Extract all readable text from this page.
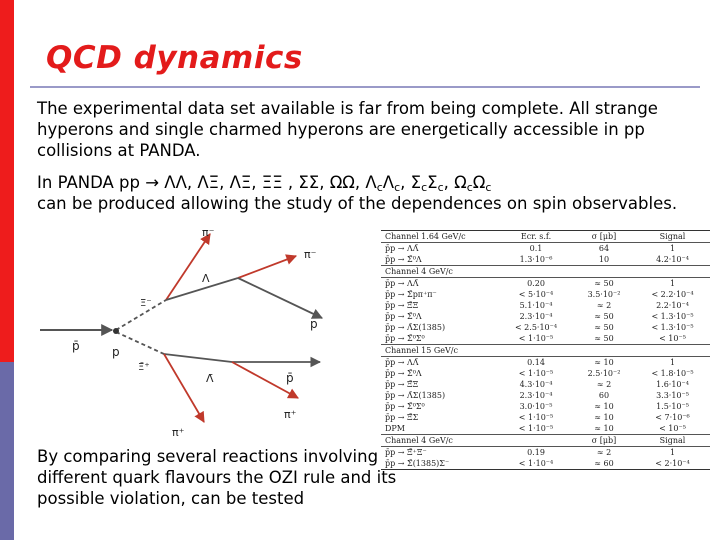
QCD dynamics
The experimental data set available is far from being complete. All strange hyperons and single charmed hyperons are energetically accessible in pp collisions at PANDA.
In PANDA pp → ΛΛ, ΛΞ, ΛΞ, ΞΞ , ΣΣ, ΩΩ, $\Lambda_c\Lambda_c$, $\Sigma_c\Sigma_c$, $\Omega_c\Omega_c$
can be produced allowing the study of the dependences on spin observables.
π⁻
π⁻
Ξ⁻
Λ
p
p̄	p
Ξ̄⁺
Λ̄	p̄
π⁺
π⁺
Channel 1.64 GeV/c	Ecr. s.f.	σ [μb]	Signal
p̄p → ΛΛ̄	0.1	64	1
p̄p → Σ̄⁰Λ	1.3·10⁻⁶	10	4.2·10⁻⁴
Channel 4 GeV/c
p̄p → ΛΛ̄	0.20	≈ 50	1
p̄p → Σ̄pπ⁺π⁻	< 5·10⁻⁴	3.5·10⁻²	< 2.2·10⁻⁴
p̄p → Ξ̄Ξ	5.1·10⁻⁴	≈ 2	2.2·10⁻⁴
p̄p → Σ̄⁰Λ	2.3·10⁻⁴	≈ 50	< 1.3·10⁻⁵
p̄p → Λ̄Σ(1385)	< 2.5·10⁻⁴	≈ 50	< 1.3·10⁻⁵
p̄p → Σ̄⁰Σ⁰	< 1·10⁻⁵	≈ 50	< 10⁻⁵
Channel 15 GeV/c
p̄p → ΛΛ̄	0.14	≈ 10	1
p̄p → Σ̄⁰Λ	< 1·10⁻⁵	2.5·10⁻²	< 1.8·10⁻⁵
p̄p → Ξ̄Ξ	4.3·10⁻⁴	≈ 2	1.6·10⁻⁴
p̄p → Λ̄Σ(1385)	2.3·10⁻⁴	60	3.3·10⁻⁵
p̄p → Σ̄⁰Σ⁰	3.0·10⁻⁵	≈ 10	1.5·10⁻⁵
p̄p → Ξ̄Σ	< 1·10⁻⁵	≈ 10	< 7·10⁻⁶
DPM	< 1·10⁻⁵	≈ 10	< 10⁻⁵
Channel 4 GeV/c	σ [μb]	Signal
p̄p → Ξ̄⁺Ξ⁻	0.19	≈ 2	1
p̄p → Σ̄(1385)Σ⁻	< 1·10⁻⁴	≈ 60	< 2·10⁻⁴
By comparing several reactions involving different quark flavours the OZI rule and its possible violation, can be tested
